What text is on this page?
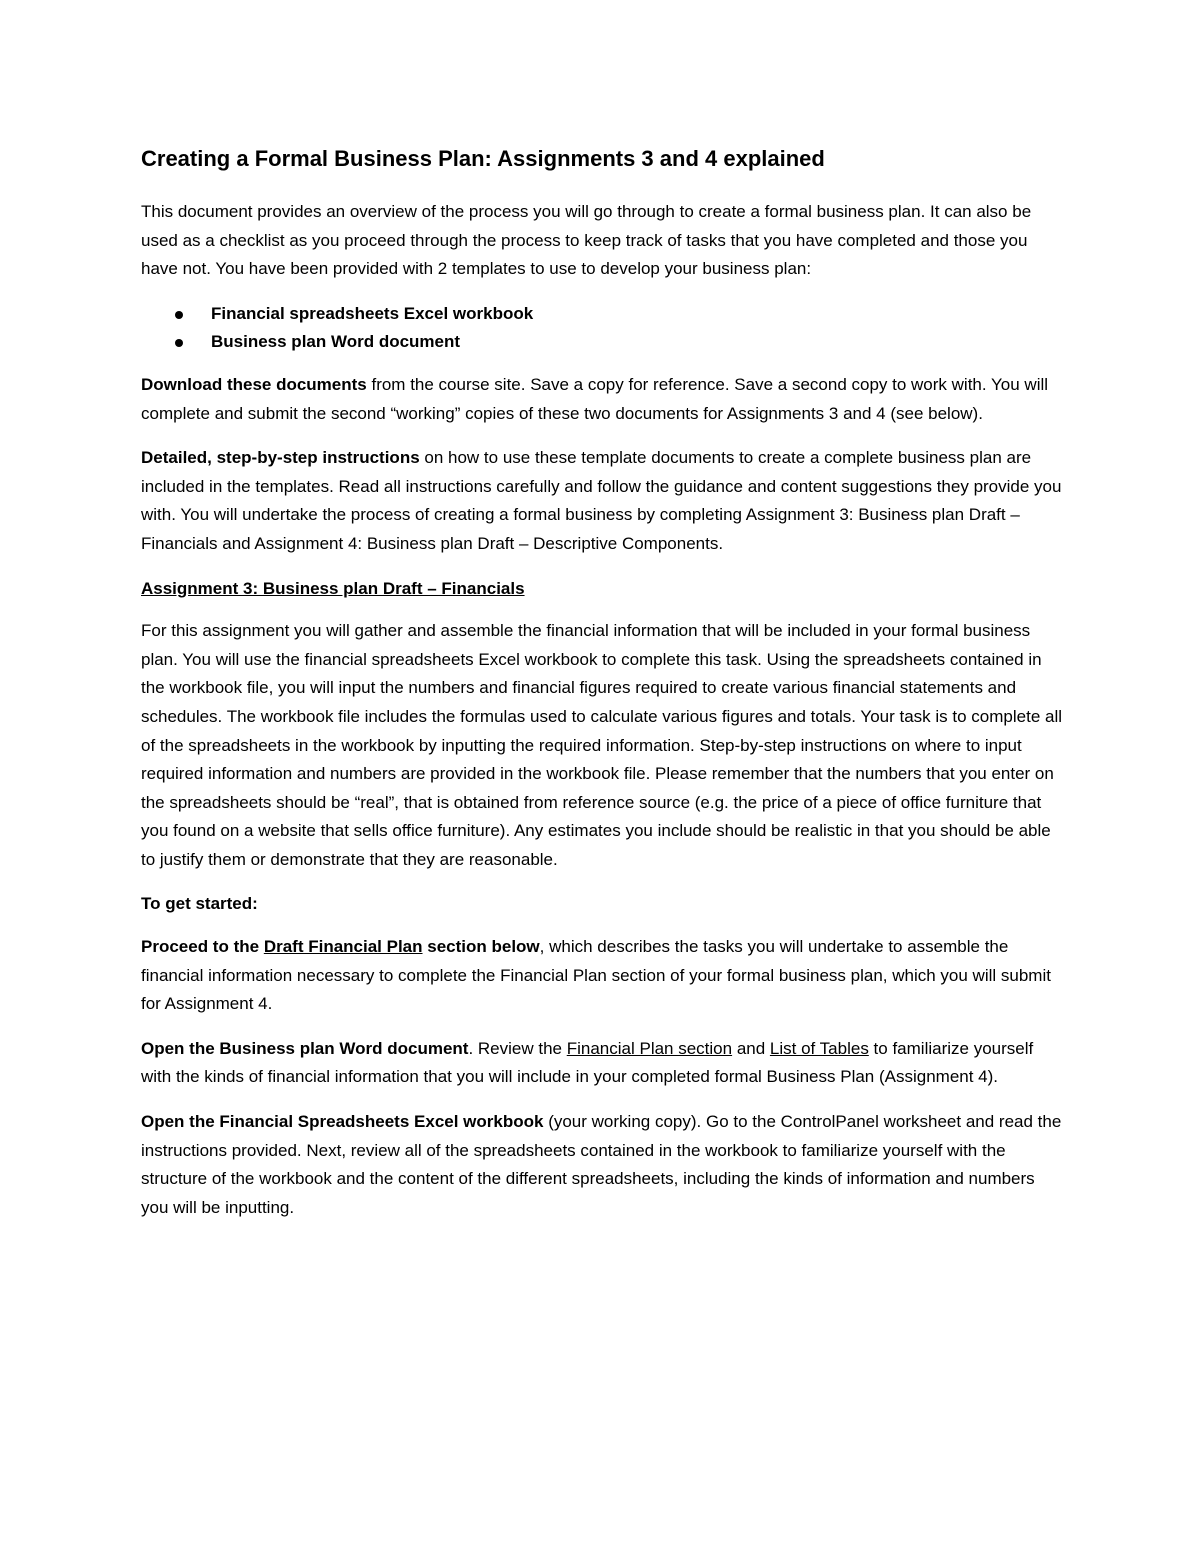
Creating a Formal Business Plan: Assignments 3 and 4 explained

This document provides an overview of the process you will go through to create a formal business plan. It can also be used as a checklist as you proceed through the process to keep track of tasks that you have completed and those you have not. You have been provided with 2 templates to use to develop your business plan:

Financial spreadsheets Excel workbook
Business plan Word document

Download these documents from the course site. Save a copy for reference. Save a second copy to work with. You will complete and submit the second “working” copies of these two documents for Assignments 3 and 4 (see below).

Detailed, step-by-step instructions on how to use these template documents to create a complete business plan are included in the templates. Read all instructions carefully and follow the guidance and content suggestions they provide you with. You will undertake the process of creating a formal business by completing Assignment 3: Business plan Draft – Financials and Assignment 4: Business plan Draft – Descriptive Components.

Assignment 3: Business plan Draft – Financials

For this assignment you will gather and assemble the financial information that will be included in your formal business plan. You will use the financial spreadsheets Excel workbook to complete this task. Using the spreadsheets contained in the workbook file, you will input the numbers and financial figures required to create various financial statements and schedules. The workbook file includes the formulas used to calculate various figures and totals. Your task is to complete all of the spreadsheets in the workbook by inputting the required information. Step-by-step instructions on where to input required information and numbers are provided in the workbook file. Please remember that the numbers that you enter on the spreadsheets should be “real”, that is obtained from reference source (e.g. the price of a piece of office furniture that you found on a website that sells office furniture). Any estimates you include should be realistic in that you should be able to justify them or demonstrate that they are reasonable.

To get started:

Proceed to the Draft Financial Plan section below, which describes the tasks you will undertake to assemble the financial information necessary to complete the Financial Plan section of your formal business plan, which you will submit for Assignment 4.

Open the Business plan Word document. Review the Financial Plan section and List of Tables to familiarize yourself with the kinds of financial information that you will include in your completed formal Business Plan (Assignment 4).

Open the Financial Spreadsheets Excel workbook (your working copy). Go to the ControlPanel worksheet and read the instructions provided. Next, review all of the spreadsheets contained in the workbook to familiarize yourself with the structure of the workbook and the content of the different spreadsheets, including the kinds of information and numbers you will be inputting.
